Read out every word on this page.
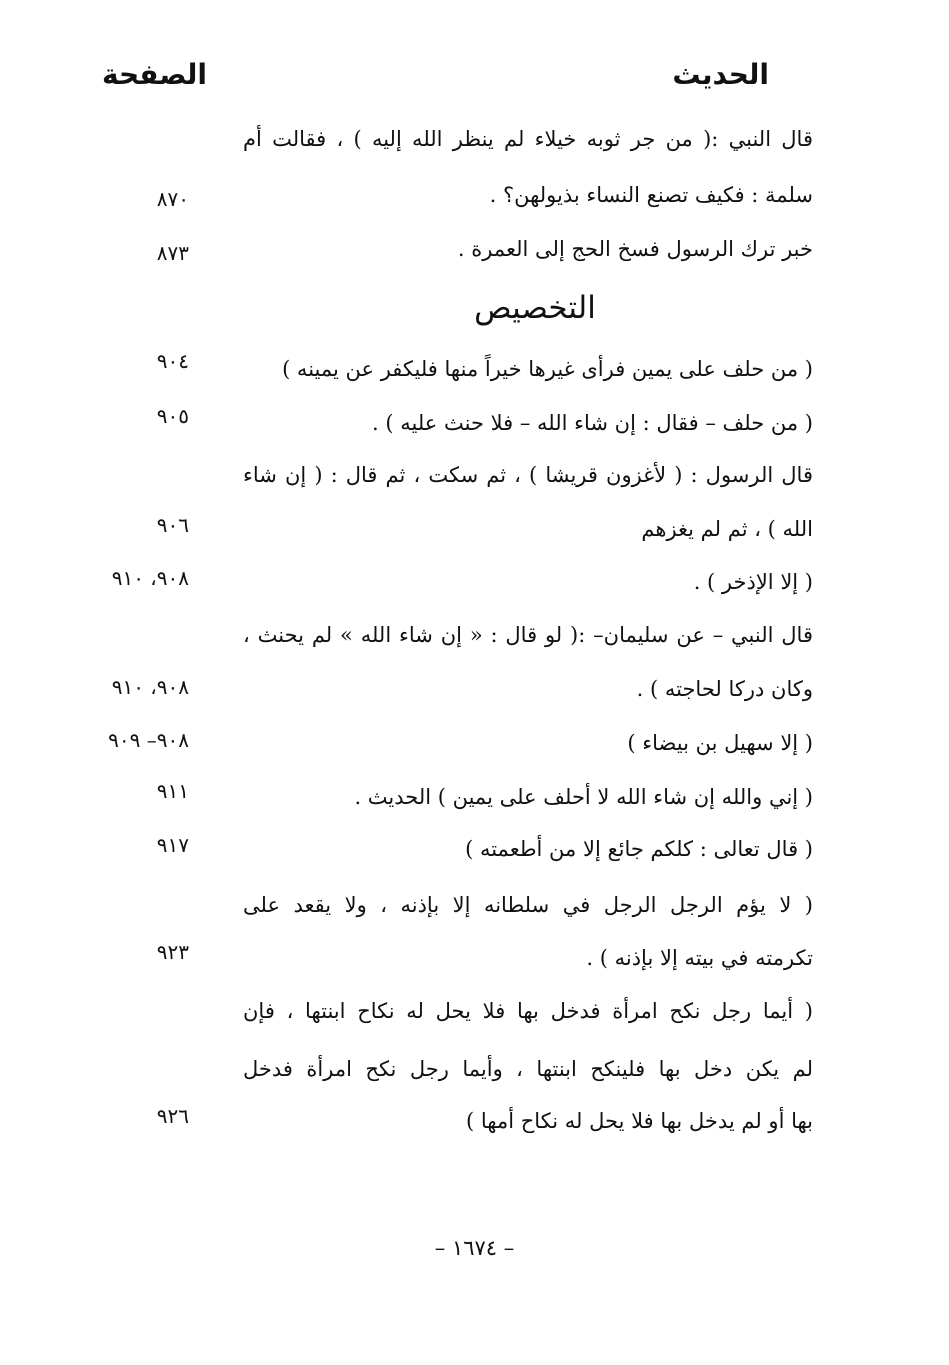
الحديث
الصفحة
قال النبي :( من جر ثوبه خيلاء لم ينظر الله إليه ) ، فقالت أم
سلمة : فكيف تصنع النساء بذيولهن؟ .
٨٧٠
خبر ترك الرسول فسخ الحج إلى العمرة .
٨٧٣
التخصيص
( من حلف على يمين فرأى غيرها خيراً منها فليكفر عن يمينه )
٩٠٤
( من حلف – فقال : إن شاء الله – فلا حنث عليه ) .
٩٠٥
قال الرسول : ( لأغزون قريشا ) ، ثم سكت ، ثم قال : ( إن شاء
الله ) ، ثم لم يغزهم
٩٠٦
( إلا الإذخر ) .
٩٠٨، ٩١٠
قال النبي – عن سليمان– :( لو قال : « إن شاء الله » لم يحنث ،
وكان دركا لحاجته ) .
٩٠٨، ٩١٠
( إلا سهيل بن بيضاء )
٩٠٨– ٩٠٩
( إني والله إن شاء الله لا أحلف على يمين ) الحديث .
٩١١
( قال تعالى : كلكم جائع إلا من أطعمته )
٩١٧
( لا يؤم الرجل الرجل في سلطانه إلا بإذنه ، ولا يقعد على
تكرمته في بيته إلا بإذنه ) .
٩٢٣
( أيما رجل نكح امرأة فدخل بها فلا يحل له نكاح ابنتها ، فإن
لم يكن دخل بها فلينكح ابنتها ، وأيما رجل نكح امرأة فدخل
بها أو لم يدخل بها فلا يحل له نكاح أمها )
٩٢٦
– ١٦٧٤ –
